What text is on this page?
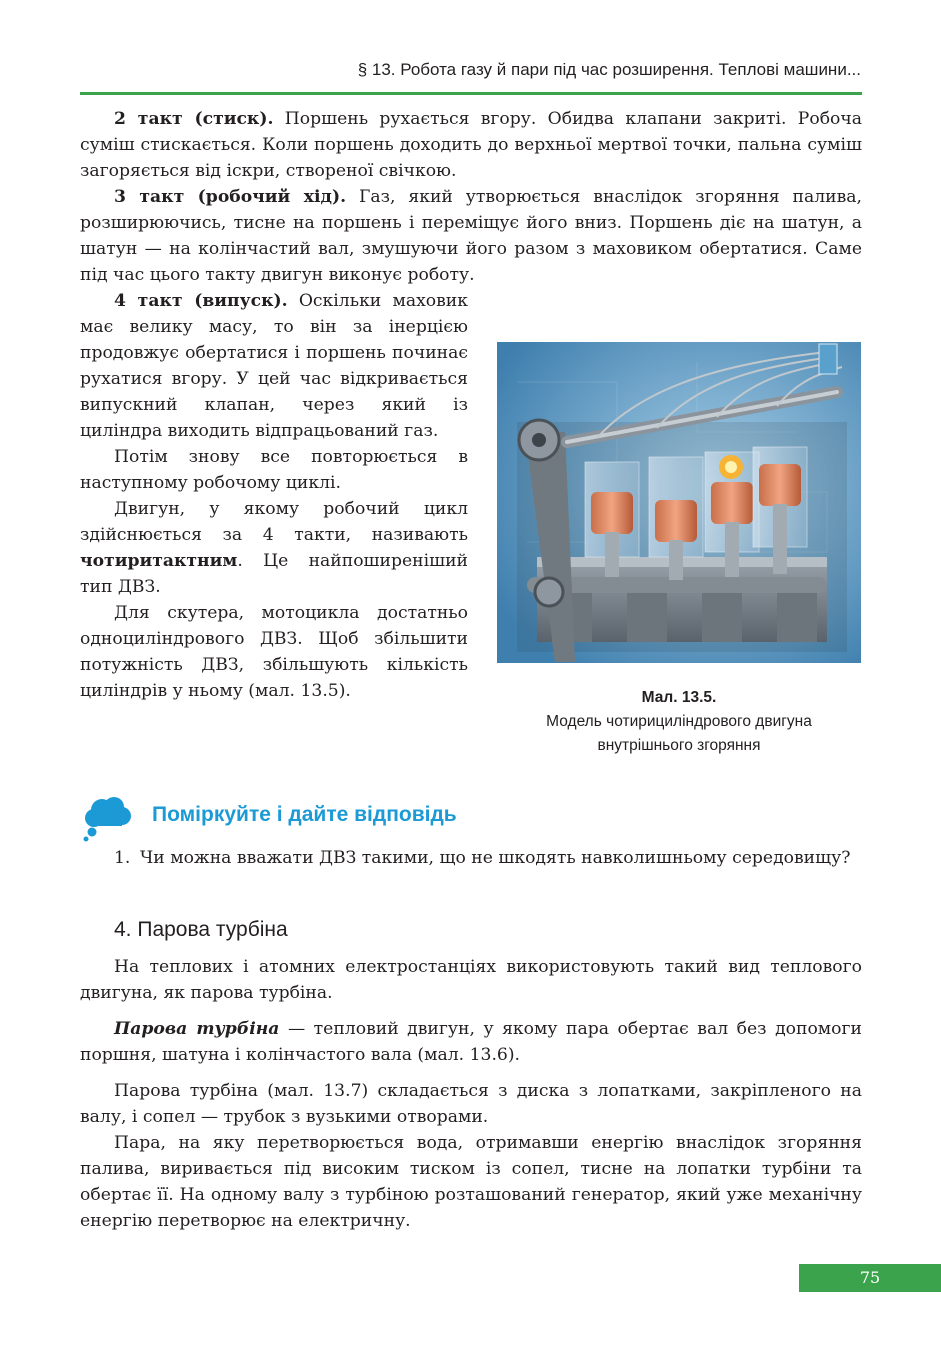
§ 13. Робота газу й пари під час розширення. Теплові машини...

2 такт (стиск). Поршень рухається вгору. Обидва клапани закриті. Робоча суміш стискається. Коли поршень доходить до верхньої мертвої точки, пальна суміш загоряється від іскри, створеної свічкою.

3 такт (робочий хід). Газ, який утворюється внаслідок згоряння палива, розширюючись, тисне на поршень і переміщує його вниз. Поршень діє на шатун, а шатун — на колінчастий вал, змушуючи його разом з маховиком обертатися. Саме під час цього такту двигун виконує роботу.

4 такт (випуск). Оскільки маховик має велику масу, то він за інерцією продовжує обертатися і поршень починає рухатися вгору. У цей час відкривається випускний клапан, через який із циліндра виходить відпрацьований газ.

Потім знову все повторюється в наступному робочому циклі.

Двигун, у якому робочий цикл здійснюється за 4 такти, називають чотиритактним. Це найпоширеніший тип ДВЗ.

Для скутера, мотоцикла достатньо одноциліндрового ДВЗ. Щоб збільшити потужність ДВЗ, збільшують кількість циліндрів у ньому (мал. 13.5).	Мал. 13.5.
Модель чотирициліндрового двигуна
внутрішнього згоряння
Поміркуйте і дайте відповідь
1. Чи можна вважати ДВЗ такими, що не шкодять навколишньому середовищу?
4. Парова турбіна

На теплових і атомних електростанціях використовують такий вид теплового двигуна, як парова турбіна.

Парова турбіна — тепловий двигун, у якому пара обертає вал без допомоги поршня, шатуна і колінчастого вала (мал. 13.6).

Парова турбіна (мал. 13.7) складається з диска з лопатками, закріпленого на валу, і сопел — трубок з вузькими отворами.

Пара, на яку перетворюється вода, отримавши енергію внаслідок згоряння палива, виривається під високим тиском із сопел, тисне на лопатки турбіни та обертає її. На одному валу з турбіною розташований генератор, який уже механічну енергію перетворює на електричну.

75
